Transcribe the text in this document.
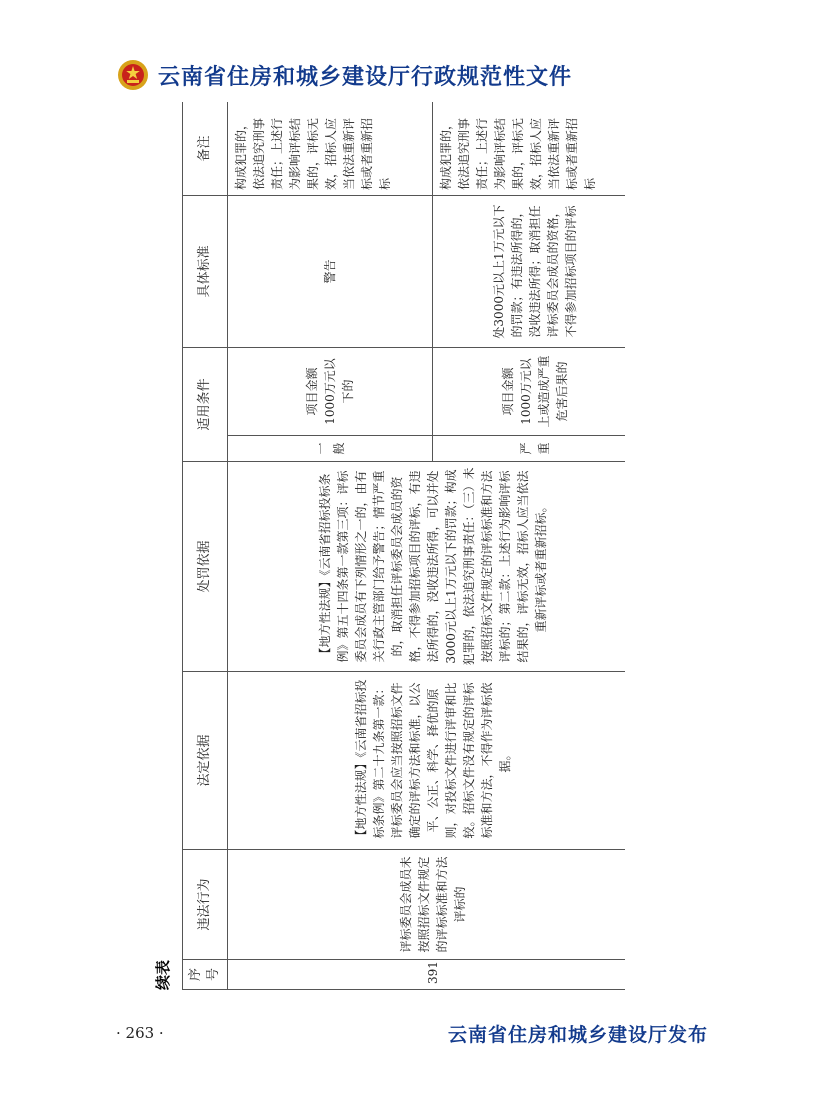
云南省住房和城乡建设厅行政规范性文件
续表 序号	违法行为	法定依据	处罚依据	适用条件		具体标准	备注
391	评标委员会成员未按照招标文件规定的评标标准和方法评标的	【地方性法规】《云南省招标投标条例》第二十九条第一款：评标委员会应当按照招标文件确定的评标方法和标准，以公平、公正、科学、择优的原则，对投标文件进行评审和比较。招标文件没有规定的评标标准和方法，不得作为评标依据。	【地方性法规】《云南省招标投标条例》第五十四条第一款第三项：评标委员会成员有下列情形之一的，由有关行政主管部门给予警告；情节严重的，取消担任评标委员会成员的资格，不得参加招标项目的评标，有违法所得的，没收违法所得，可以并处3000元以上1万元以下的罚款；构成犯罪的，依法追究刑事责任：（三）未按照招标文件规定的评标标准和方法评标的；第二款：上述行为影响评标结果的，评标无效，招标人应当依法重新评标或者重新招标。	一般	项目金额1000万元以下的	警告	构成犯罪的，依法追究刑事责任；上述行为影响评标结果的，评标无效，招标人应当依法重新评标或者重新招标
				严重	项目金额1000万元以上或造成严重危害后果的	处3000元以上1万元以下的罚款；有违法所得的，没收违法所得；取消担任评标委员会成员的资格，不得参加招标项目的评标	构成犯罪的，依法追究刑事责任；上述行为影响评标结果的，评标无效，招标人应当依法重新评标或者重新招标
· 263 ·	云南省住房和城乡建设厅发布
